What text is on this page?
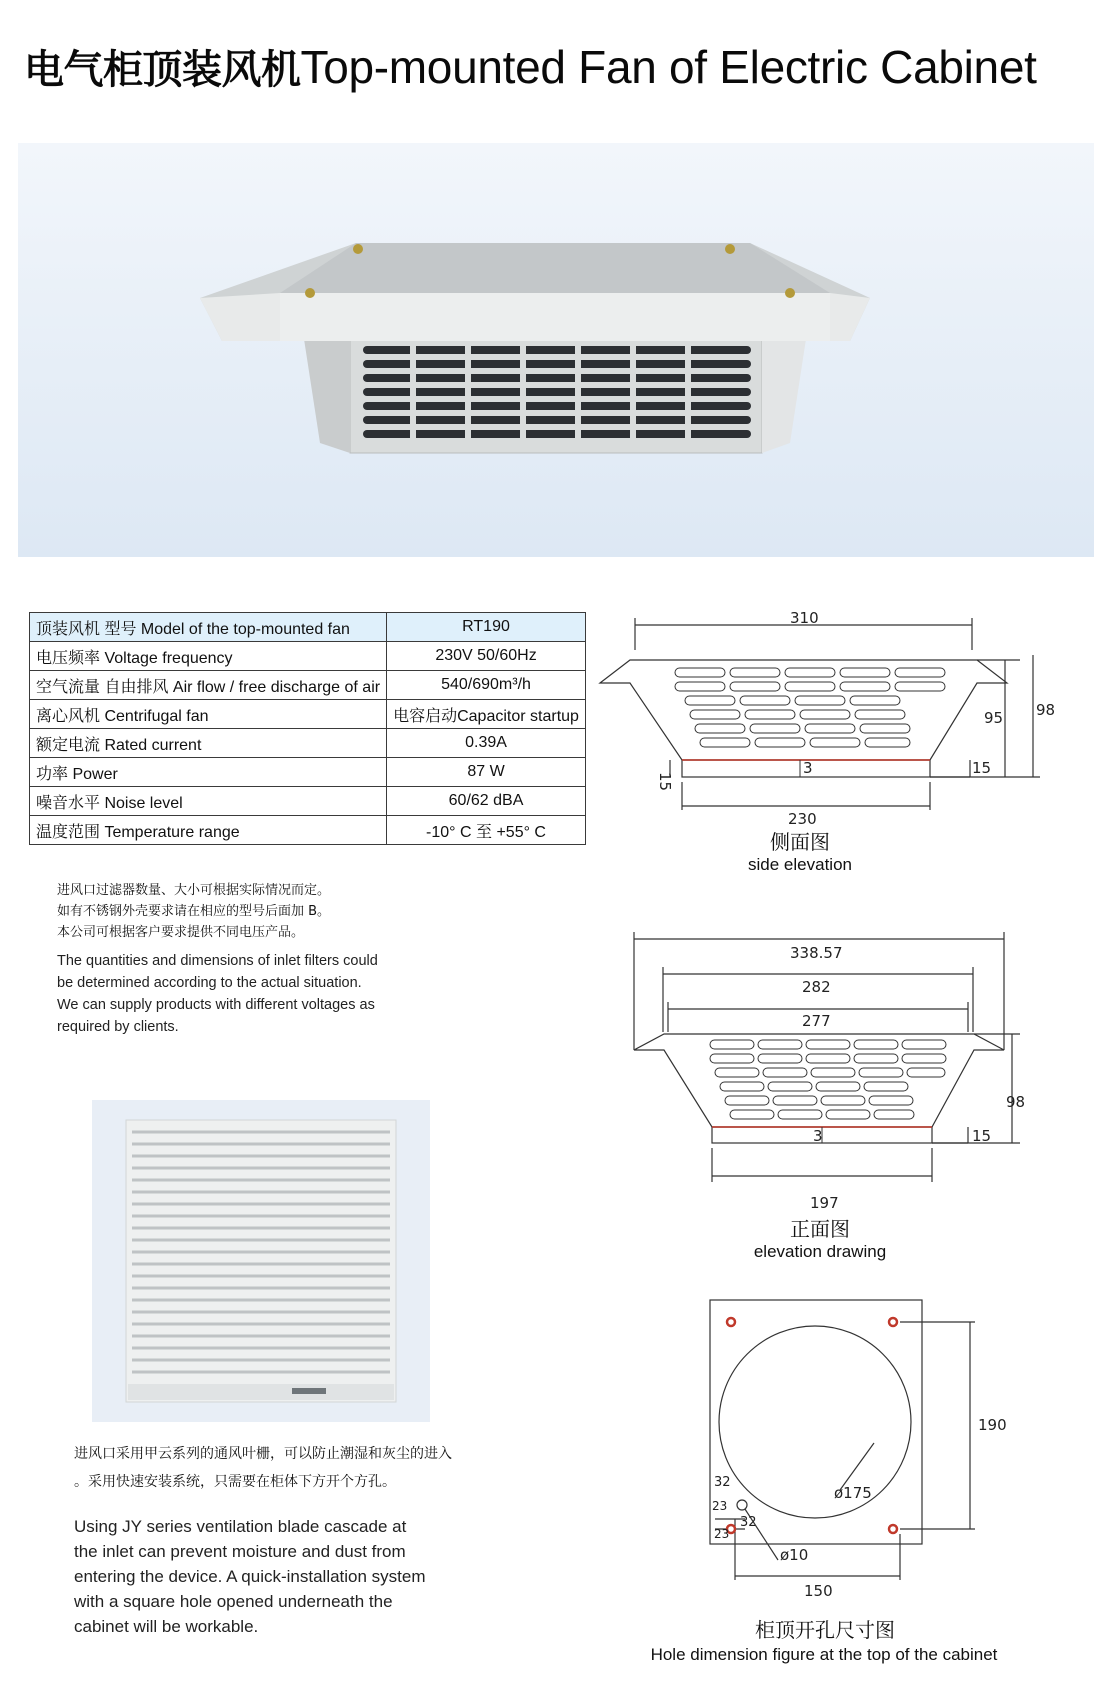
电气柜顶装风机Top-mounted Fan of Electric Cabinet
顶装风机 型号 Model of the top-mounted fan	RT190
电压频率 Voltage frequency	230V 50/60Hz
空气流量 自由排风 Air flow / free discharge of air	540/690m³/h
离心风机 Centrifugal fan	电容启动Capacitor startup
额定电流 Rated current	0.39A
功率 Power	87 W
噪音水平 Noise level	60/62 dBA
温度范围 Temperature range	-10° C 至 +55° C
进风口过滤器数量、大小可根据实际情况而定。
如有不锈钢外壳要求请在相应的型号后面加 B。
本公司可根据客户要求提供不同电压产品。
The quantities and dimensions of inlet filters could
be determined according to the actual situation.
We can supply products with different voltages as
required by clients.
进风口采用甲云系列的通风叶栅，可以防止潮湿和灰尘的进入
。采用快速安装系统，只需要在柜体下方开个方孔。
Using JY series ventilation blade cascade at
the inlet can prevent moisture and dust from
entering the device. A quick-installation system
with a square hole opened underneath the
cabinet will be workable.
310
95 98
15
15
3
230
侧面图
side elevation
338.57
282
277
98
15
3
197
正面图
elevation drawing
ø175
190
32
23
23
32
ø10
150
柜顶开孔尺寸图
Hole dimension figure at the top of the cabinet
